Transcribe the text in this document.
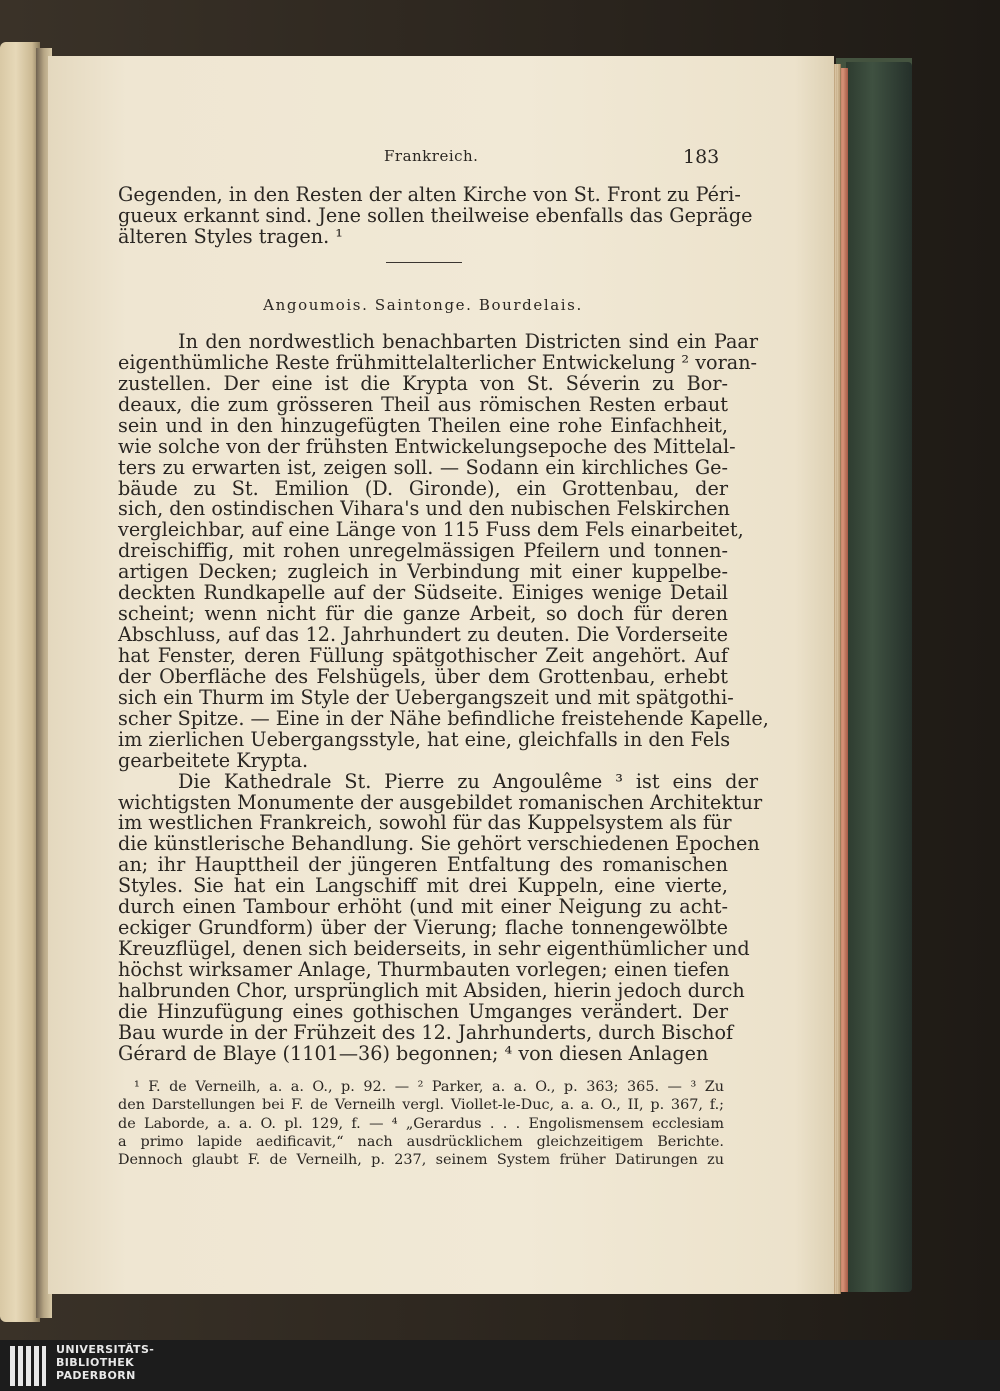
Frankreich.	183
Gegenden, in den Resten der alten Kirche von St. Front zu Péri-
gueux erkannt sind. Jene sollen theilweise ebenfalls das Gepräge
älteren Styles tragen. ¹
Angoumois. Saintonge. Bourdelais.
In den nordwestlich benachbarten Districten sind ein Paar
eigenthümliche Reste frühmittelalterlicher Entwickelung ² voran-
zustellen. Der eine ist die Krypta von St. Séverin zu Bor-
deaux, die zum grösseren Theil aus römischen Resten erbaut
sein und in den hinzugefügten Theilen eine rohe Einfachheit,
wie solche von der frühsten Entwickelungsepoche des Mittelal-
ters zu erwarten ist, zeigen soll. — Sodann ein kirchliches Ge-
bäude zu St. Emilion (D. Gironde), ein Grottenbau, der
sich, den ostindischen Vihara's und den nubischen Felskirchen
vergleichbar, auf eine Länge von 115 Fuss dem Fels einarbeitet,
dreischiffig, mit rohen unregelmässigen Pfeilern und tonnen-
artigen Decken; zugleich in Verbindung mit einer kuppelbe-
deckten Rundkapelle auf der Südseite. Einiges wenige Detail
scheint; wenn nicht für die ganze Arbeit, so doch für deren
Abschluss, auf das 12. Jahrhundert zu deuten. Die Vorderseite
hat Fenster, deren Füllung spätgothischer Zeit angehört. Auf
der Oberfläche des Felshügels, über dem Grottenbau, erhebt
sich ein Thurm im Style der Uebergangszeit und mit spätgothi-
scher Spitze. — Eine in der Nähe befindliche freistehende Kapelle,
im zierlichen Uebergangsstyle, hat eine, gleichfalls in den Fels
gearbeitete Krypta.
Die Kathedrale St. Pierre zu Angoulême ³ ist eins der
wichtigsten Monumente der ausgebildet romanischen Architektur
im westlichen Frankreich, sowohl für das Kuppelsystem als für
die künstlerische Behandlung. Sie gehört verschiedenen Epochen
an; ihr Haupttheil der jüngeren Entfaltung des romanischen
Styles. Sie hat ein Langschiff mit drei Kuppeln, eine vierte,
durch einen Tambour erhöht (und mit einer Neigung zu acht-
eckiger Grundform) über der Vierung; flache tonnengewölbte
Kreuzflügel, denen sich beiderseits, in sehr eigenthümlicher und
höchst wirksamer Anlage, Thurmbauten vorlegen; einen tiefen
halbrunden Chor, ursprünglich mit Absiden, hierin jedoch durch
die Hinzufügung eines gothischen Umganges verändert. Der
Bau wurde in der Frühzeit des 12. Jahrhunderts, durch Bischof
Gérard de Blaye (1101—36) begonnen; ⁴ von diesen Anlagen
¹ F. de Verneilh, a. a. O., p. 92. — ² Parker, a. a. O., p. 363; 365. — ³ Zu
den Darstellungen bei F. de Verneilh vergl. Viollet-le-Duc, a. a. O., II, p. 367, f.;
de Laborde, a. a. O. pl. 129, f. — ⁴ „Gerardus . . . Engolismensem ecclesiam
a primo lapide aedificavit,“ nach ausdrücklichem gleichzeitigem Berichte.
Dennoch glaubt F. de Verneilh, p. 237, seinem System früher Datirungen zu
UNIVERSITÄTS-
BIBLIOTHEK
PADERBORN
